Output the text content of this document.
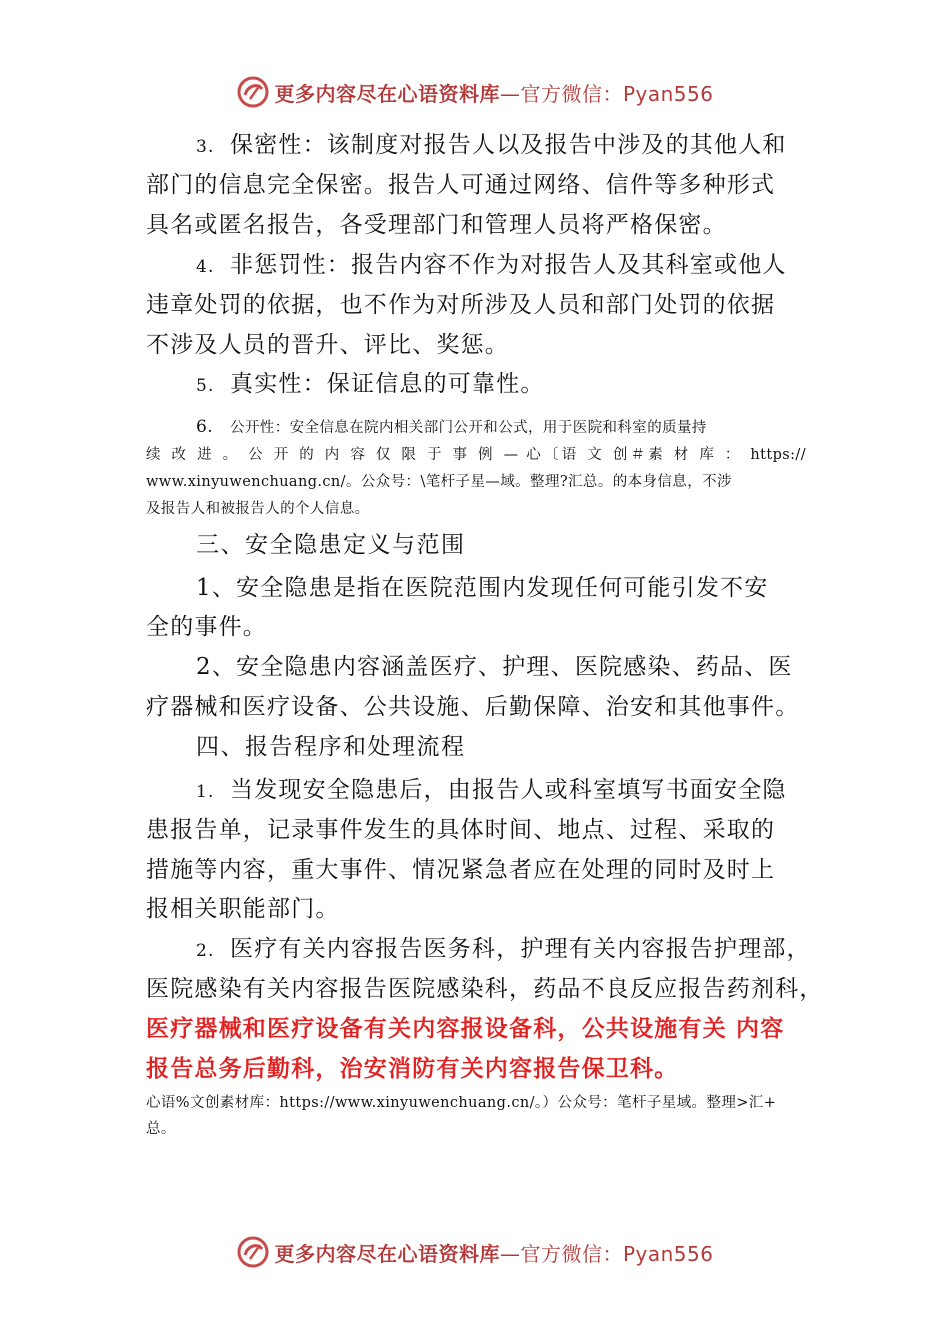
更多内容尽在心语资料库—官方微信：Pyan556
3. 保密性：该制度对报告人以及报告中涉及的其他人和
部门的信息完全保密。报告人可通过网络、信件等多种形式
具名或匿名报告，各受理部门和管理人员将严格保密。
4. 非惩罚性：报告内容不作为对报告人及其科室或他人
违章处罚的依据，也不作为对所涉及人员和部门处罚的依据
不涉及人员的晋升、评比、奖惩。
5. 真实性：保证信息的可靠性。
6. 公开性：安全信息在院内相关部门公开和公式，用于医院和科室的质量持
续 改 进 。 公 开 的 内 容 仅 限 于 事 例 — 心〔语 文 创＃素 材 库 ： https://
www.xinyuwenchuang.cn/。公众号：\笔杆子星—域。整理?汇总。的本身信息，不涉
及报告人和被报告人的个人信息。
三、安全隐患定义与范围
1、安全隐患是指在医院范围内发现任何可能引发不安
全的事件。
2、安全隐患内容涵盖医疗、护理、医院感染、药品、医
疗器械和医疗设备、公共设施、后勤保障、治安和其他事件。
四、报告程序和处理流程
1. 当发现安全隐患后，由报告人或科室填写书面安全隐
患报告单，记录事件发生的具体时间、地点、过程、采取的
措施等内容，重大事件、情况紧急者应在处理的同时及时上
报相关职能部门。
2. 医疗有关内容报告医务科，护理有关内容报告护理部，
医院感染有关内容报告医院感染科，药品不良反应报告药剂科，
医疗器械和医疗设备有关内容报设备科，公共设施有关 内容
报告总务后勤科，治安消防有关内容报告保卫科。
心语%文创素材库：https://www.xinyuwenchuang.cn/。）公众号：笔杆子星域。整理>汇+
总。
更多内容尽在心语资料库—官方微信：Pyan556
